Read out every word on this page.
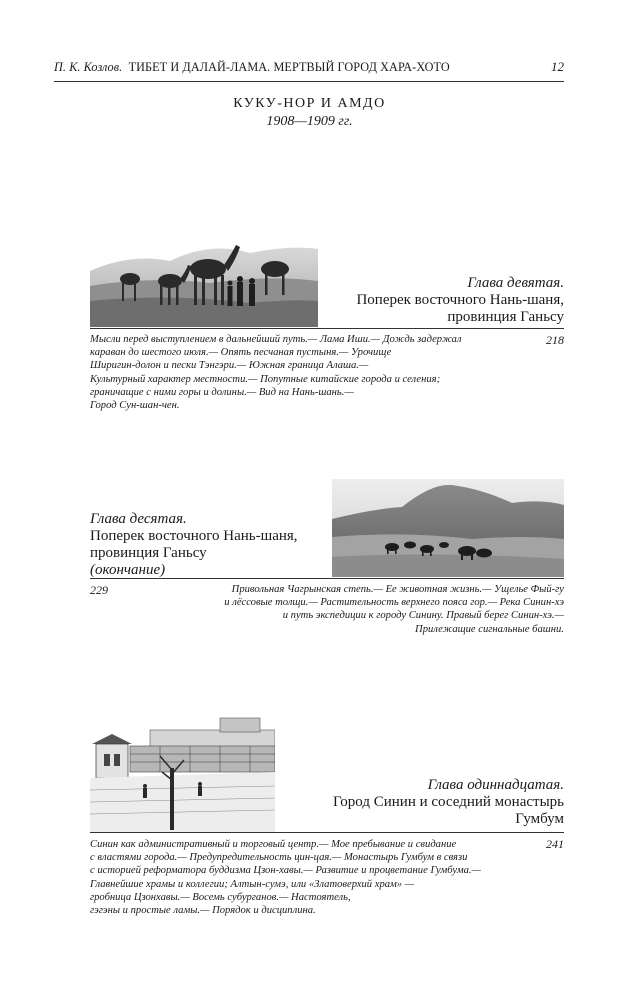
П. К. Козлов. ТИБЕТ И ДАЛАЙ-ЛАМА. МЕРТВЫЙ ГОРОД ХАРА-ХОТО	12
КУКУ-НОР И АМДО
1908—1909 гг.
Глава девятая.
Поперек восточного Нань-шаня,
провинция Ганьсу
218
Мысли перед выступлением в дальнейший путь.— Лама Иши.— Дождь задержал
караван до шестого июля.— Опять песчаная пустыня.— Урочище
Ширигин-долон и пески Тэнгэри.— Южная граница Алаша.—
Культурный характер местности.— Попутные китайские города и селения;
граничащие с ними горы и долины.— Вид на Нань-шань.—
Город Сун-шан-чен.
Глава десятая.
Поперек восточного Нань-шаня,
провинция Ганьсу
(окончание)
229	Привольная Чагрынская степь.— Ее животная жизнь.— Ущелье Фый-гу
и лёссовые толщи.— Растительность верхнего пояса гор.— Река Синин-хэ
и путь экспедиции к городу Синину. Правый берег Синин-хэ.—
Прилежащие сигнальные башни.
Глава одиннадцатая.
Город Синин и соседний монастырь
Гумбум
241
Синин как административный и торговый центр.— Мое пребывание и свидание
с властями города.— Предупредительность цин-цая.— Монастырь Гумбум в связи
с историей реформатора буддизма Цзон-хавы.— Развитие и процветание Гумбума.—
Главнейшие храмы и коллегии; Алтын-сумэ, или «Златоверхий храм» —
гробница Цзонхавы.— Восемь субурганов.— Настоятель,
гэгэны и простые ламы.— Порядок и дисциплина.
